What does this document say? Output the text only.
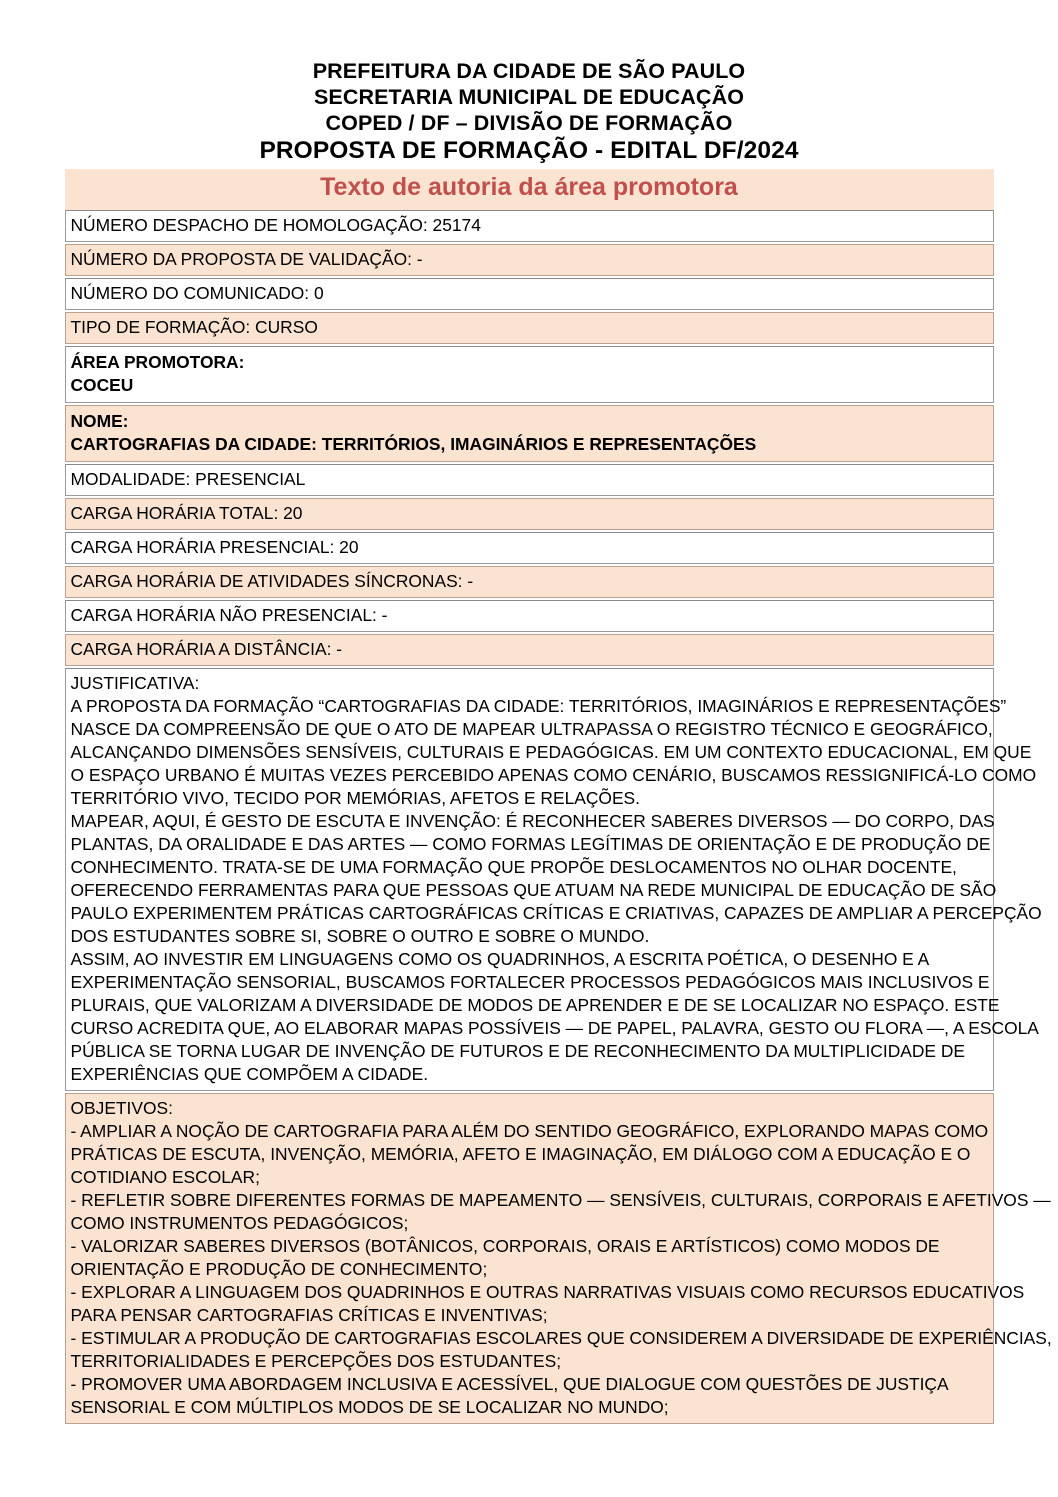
PREFEITURA DA CIDADE DE SÃO PAULO
SECRETARIA MUNICIPAL DE EDUCAÇÃO
COPED / DF – DIVISÃO DE FORMAÇÃO
PROPOSTA DE FORMAÇÃO - EDITAL DF/2024
Texto de autoria da área promotora
NÚMERO DESPACHO DE HOMOLOGAÇÃO: 25174
NÚMERO DA PROPOSTA DE VALIDAÇÃO: -
NÚMERO DO COMUNICADO: 0
TIPO DE FORMAÇÃO: CURSO
ÁREA PROMOTORA:
COCEU
NOME:
CARTOGRAFIAS DA CIDADE: TERRITÓRIOS, IMAGINÁRIOS E REPRESENTAÇÕES
MODALIDADE: PRESENCIAL
CARGA HORÁRIA TOTAL: 20
CARGA HORÁRIA PRESENCIAL: 20
CARGA HORÁRIA DE ATIVIDADES SÍNCRONAS: -
CARGA HORÁRIA NÃO PRESENCIAL: -
CARGA HORÁRIA A DISTÂNCIA: -
JUSTIFICATIVA:
A PROPOSTA DA FORMAÇÃO “CARTOGRAFIAS DA CIDADE: TERRITÓRIOS, IMAGINÁRIOS E REPRESENTAÇÕES”
NASCE DA COMPREENSÃO DE QUE O ATO DE MAPEAR ULTRAPASSA O REGISTRO TÉCNICO E GEOGRÁFICO,
ALCANÇANDO DIMENSÕES SENSÍVEIS, CULTURAIS E PEDAGÓGICAS. EM UM CONTEXTO EDUCACIONAL, EM QUE
O ESPAÇO URBANO É MUITAS VEZES PERCEBIDO APENAS COMO CENÁRIO, BUSCAMOS RESSIGNIFICÁ-LO COMO
TERRITÓRIO VIVO, TECIDO POR MEMÓRIAS, AFETOS E RELAÇÕES.
MAPEAR, AQUI, É GESTO DE ESCUTA E INVENÇÃO: É RECONHECER SABERES DIVERSOS — DO CORPO, DAS
PLANTAS, DA ORALIDADE E DAS ARTES — COMO FORMAS LEGÍTIMAS DE ORIENTAÇÃO E DE PRODUÇÃO DE
CONHECIMENTO. TRATA-SE DE UMA FORMAÇÃO QUE PROPÕE DESLOCAMENTOS NO OLHAR DOCENTE,
OFERECENDO FERRAMENTAS PARA QUE PESSOAS QUE ATUAM NA REDE MUNICIPAL DE EDUCAÇÃO DE SÃO
PAULO EXPERIMENTEM PRÁTICAS CARTOGRÁFICAS CRÍTICAS E CRIATIVAS, CAPAZES DE AMPLIAR A PERCEPÇÃO
DOS ESTUDANTES SOBRE SI, SOBRE O OUTRO E SOBRE O MUNDO.
ASSIM, AO INVESTIR EM LINGUAGENS COMO OS QUADRINHOS, A ESCRITA POÉTICA, O DESENHO E A
EXPERIMENTAÇÃO SENSORIAL, BUSCAMOS FORTALECER PROCESSOS PEDAGÓGICOS MAIS INCLUSIVOS E
PLURAIS, QUE VALORIZAM A DIVERSIDADE DE MODOS DE APRENDER E DE SE LOCALIZAR NO ESPAÇO. ESTE
CURSO ACREDITA QUE, AO ELABORAR MAPAS POSSÍVEIS — DE PAPEL, PALAVRA, GESTO OU FLORA —, A ESCOLA
PÚBLICA SE TORNA LUGAR DE INVENÇÃO DE FUTUROS E DE RECONHECIMENTO DA MULTIPLICIDADE DE
EXPERIÊNCIAS QUE COMPÕEM A CIDADE.
OBJETIVOS:
- AMPLIAR A NOÇÃO DE CARTOGRAFIA PARA ALÉM DO SENTIDO GEOGRÁFICO, EXPLORANDO MAPAS COMO
PRÁTICAS DE ESCUTA, INVENÇÃO, MEMÓRIA, AFETO E IMAGINAÇÃO, EM DIÁLOGO COM A EDUCAÇÃO E O
COTIDIANO ESCOLAR;
- REFLETIR SOBRE DIFERENTES FORMAS DE MAPEAMENTO — SENSÍVEIS, CULTURAIS, CORPORAIS E AFETIVOS —
COMO INSTRUMENTOS PEDAGÓGICOS;
- VALORIZAR SABERES DIVERSOS (BOTÂNICOS, CORPORAIS, ORAIS E ARTÍSTICOS) COMO MODOS DE
ORIENTAÇÃO E PRODUÇÃO DE CONHECIMENTO;
- EXPLORAR A LINGUAGEM DOS QUADRINHOS E OUTRAS NARRATIVAS VISUAIS COMO RECURSOS EDUCATIVOS
PARA PENSAR CARTOGRAFIAS CRÍTICAS E INVENTIVAS;
- ESTIMULAR A PRODUÇÃO DE CARTOGRAFIAS ESCOLARES QUE CONSIDEREM A DIVERSIDADE DE EXPERIÊNCIAS,
TERRITORIALIDADES E PERCEPÇÕES DOS ESTUDANTES;
- PROMOVER UMA ABORDAGEM INCLUSIVA E ACESSÍVEL, QUE DIALOGUE COM QUESTÕES DE JUSTIÇA
SENSORIAL E COM MÚLTIPLOS MODOS DE SE LOCALIZAR NO MUNDO;
